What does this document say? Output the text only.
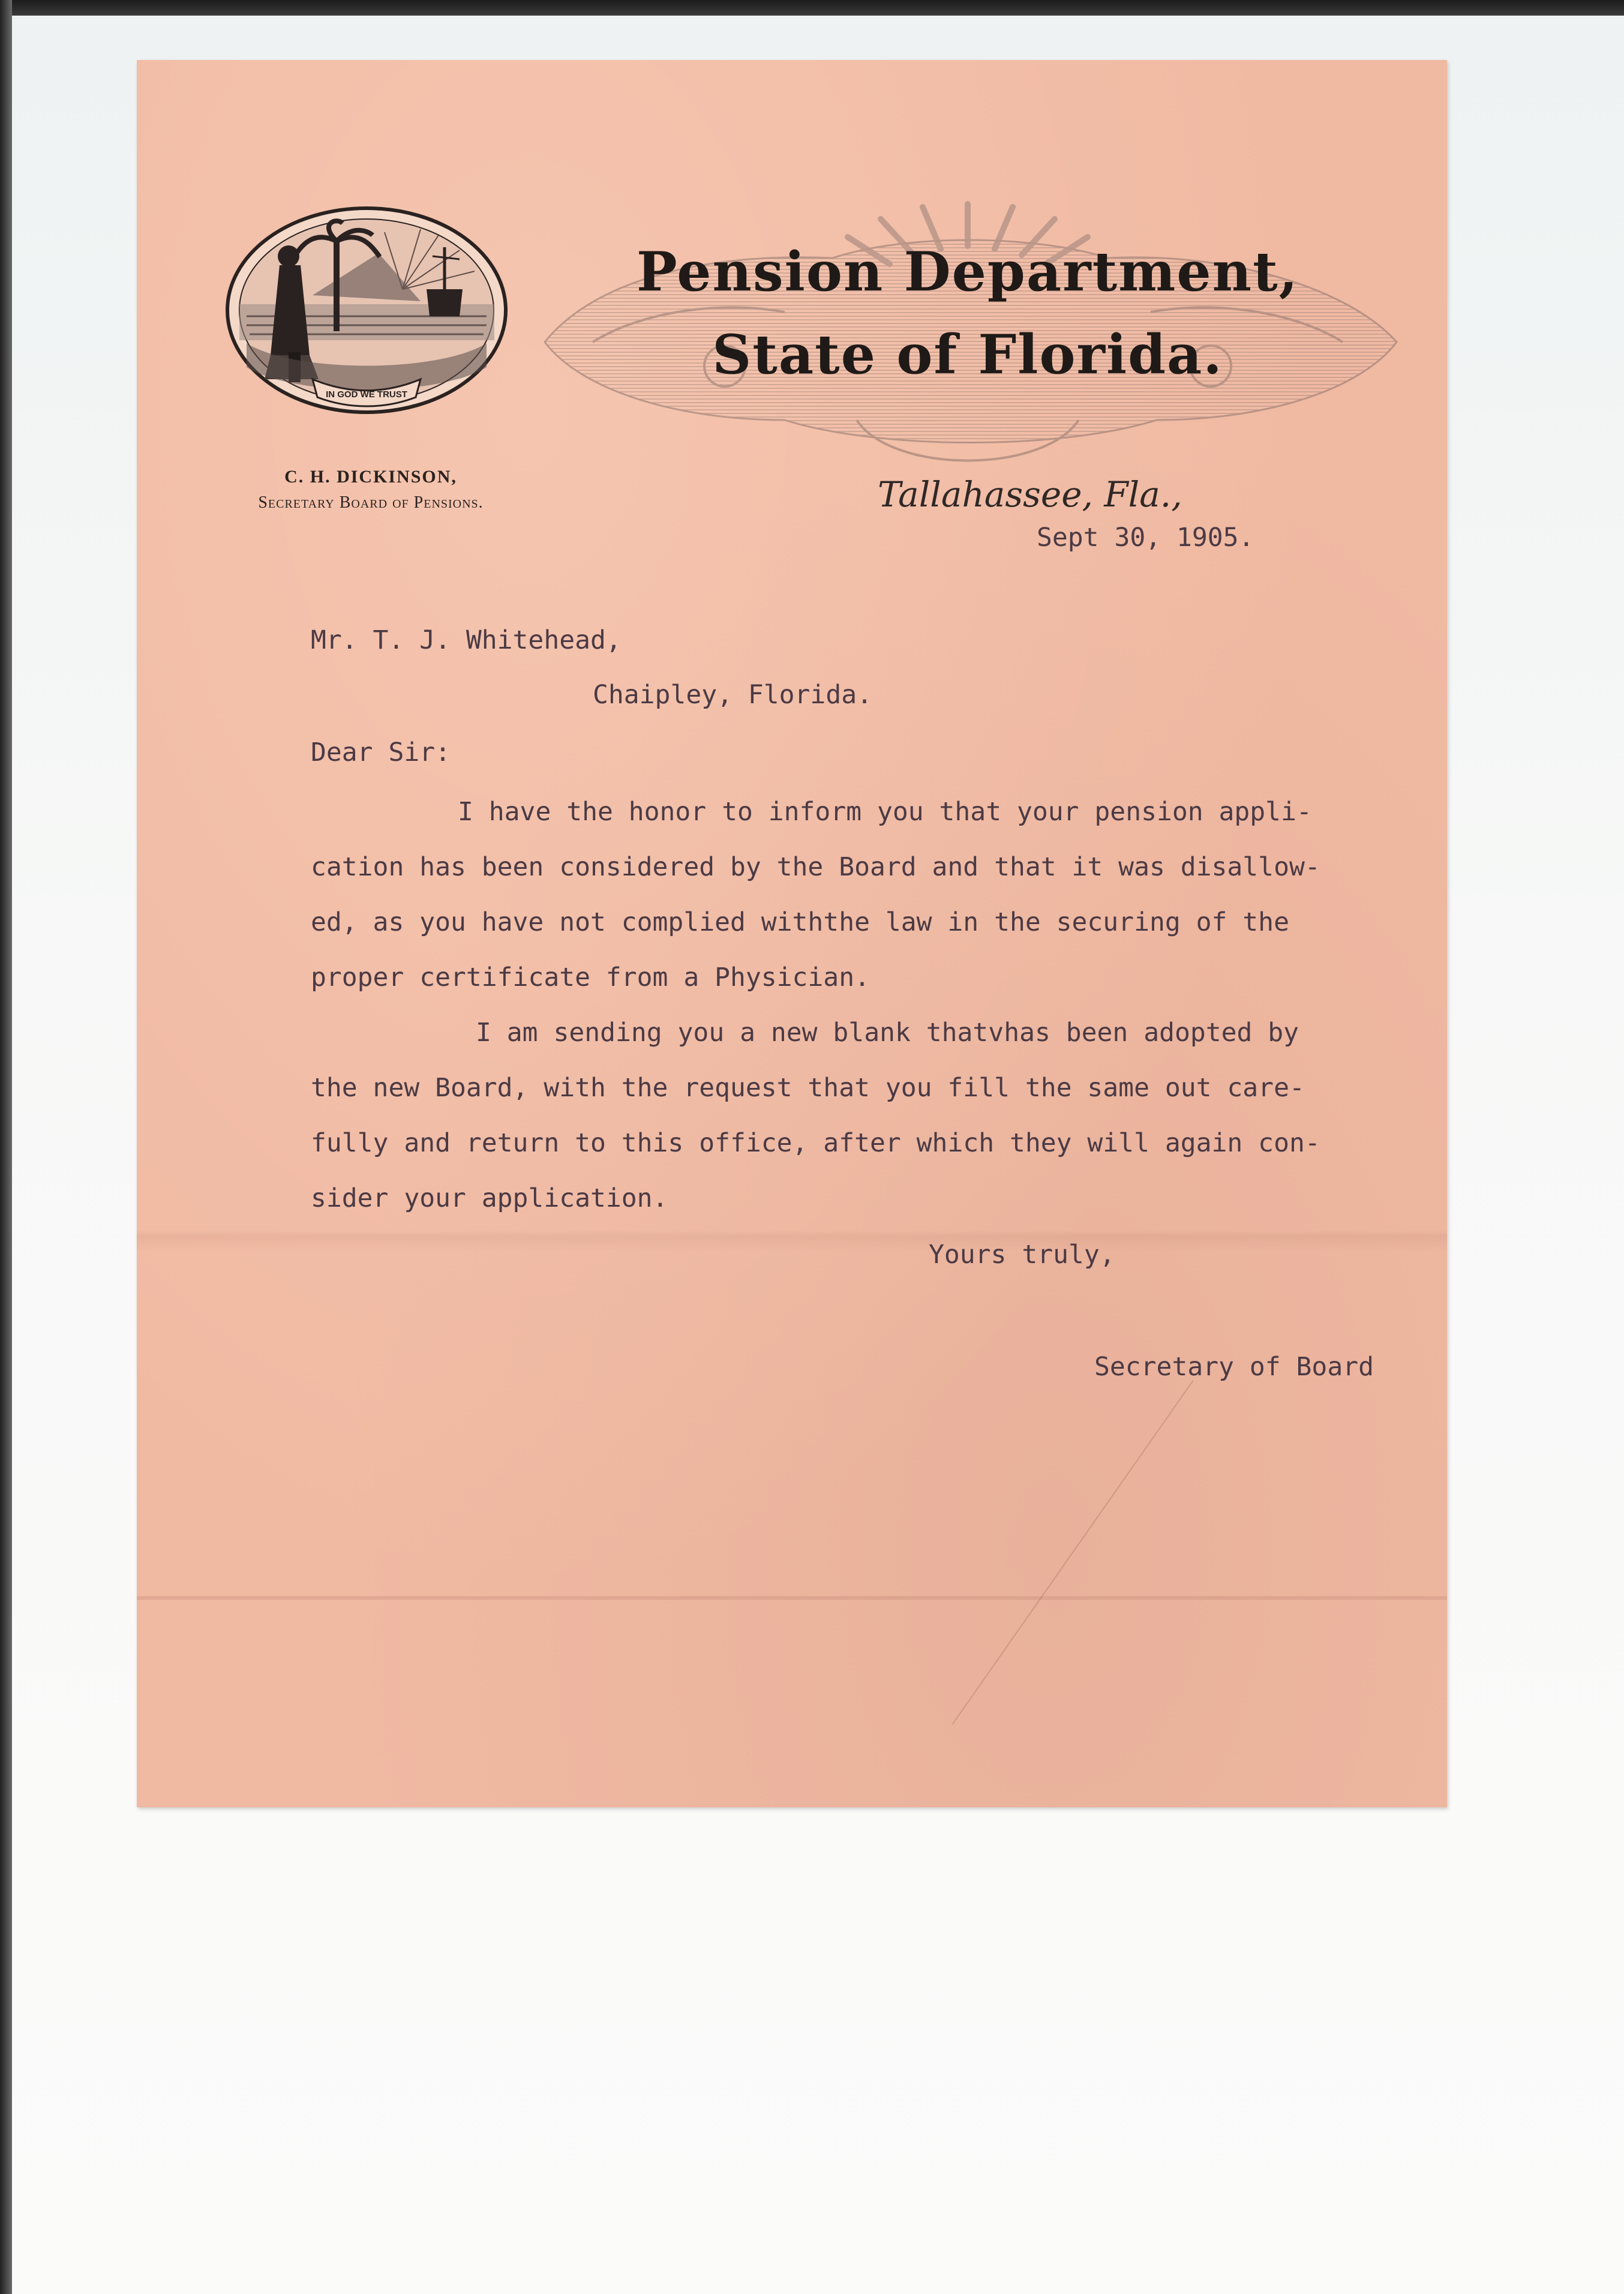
IN GOD WE TRUST
Pension Department,
State of Florida.
C. H. DICKINSON,
Secretary Board of Pensions.	Tallahassee, Fla.,
Sept 30, 1905.
Mr. T. J. Whitehead,
Chaipley, Florida.
Dear Sir:
I have the honor to inform you that your pension appli-
cation has been considered by the Board and that it was disallow-
ed, as you have not complied withthe law in the securing of the
proper certificate from a Physician.
I am sending you a new blank thatvhas been adopted by
the new Board, with the request that you fill the same out care-
fully and return to this office, after which they will again con-
sider your application.
Yours truly,
Secretary of Board
